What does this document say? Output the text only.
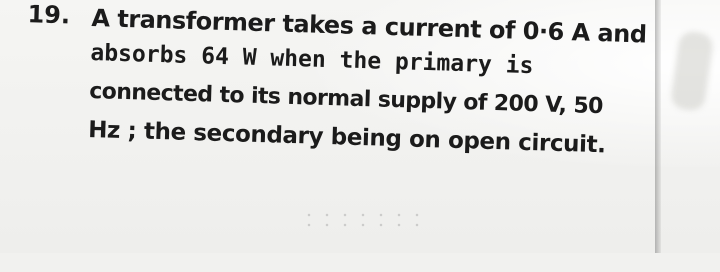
19. A transformer takes a current of 0·6 A and
absorbs 64 W when the primary is
connected to its normal supply of 200 V, 50
Hz ; the secondary being on open circuit.
